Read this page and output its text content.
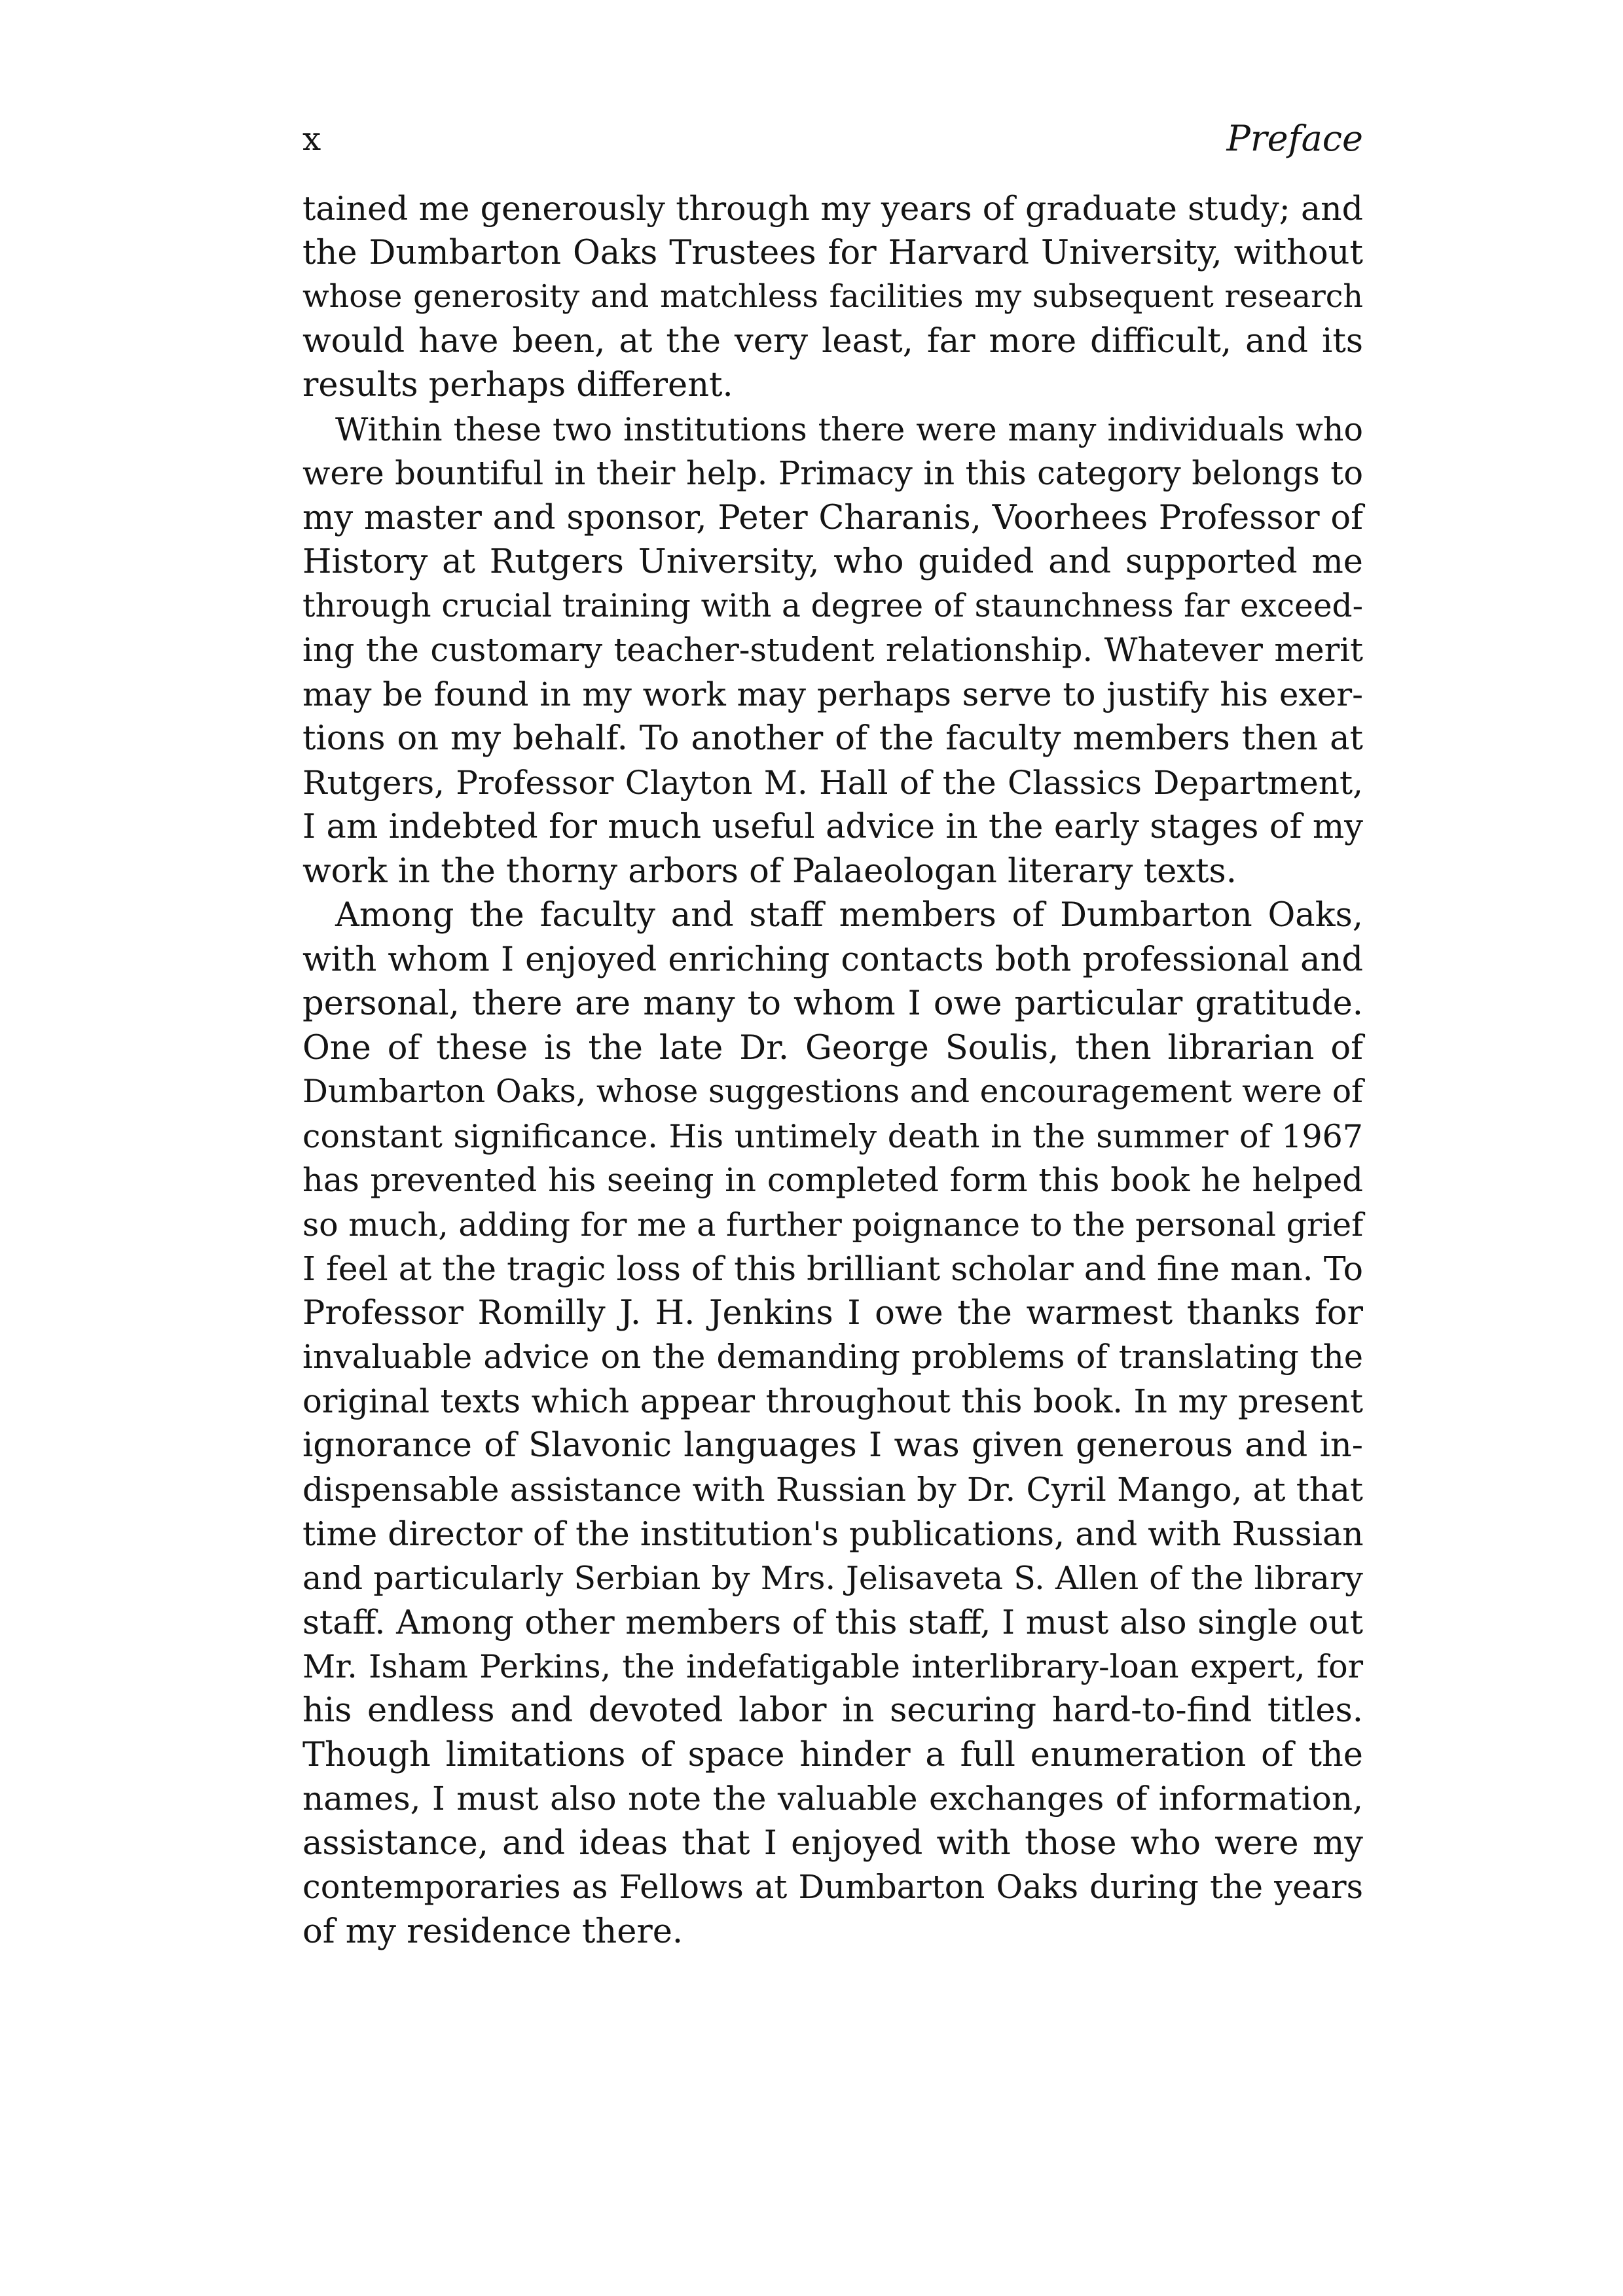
x	Preface
tained me generously through my years of graduate study; and
the Dumbarton Oaks Trustees for Harvard University, without
whose generosity and matchless facilities my subsequent research
would have been, at the very least, far more difficult, and its
results perhaps different.
Within these two institutions there were many individuals who
were bountiful in their help. Primacy in this category belongs to
my master and sponsor, Peter Charanis, Voorhees Professor of
History at Rutgers University, who guided and supported me
through crucial training with a degree of staunchness far exceed-
ing the customary teacher-student relationship. Whatever merit
may be found in my work may perhaps serve to justify his exer-
tions on my behalf. To another of the faculty members then at
Rutgers, Professor Clayton M. Hall of the Classics Department,
I am indebted for much useful advice in the early stages of my
work in the thorny arbors of Palaeologan literary texts.
Among the faculty and staff members of Dumbarton Oaks,
with whom I enjoyed enriching contacts both professional and
personal, there are many to whom I owe particular gratitude.
One of these is the late Dr. George Soulis, then librarian of
Dumbarton Oaks, whose suggestions and encouragement were of
constant significance. His untimely death in the summer of 1967
has prevented his seeing in completed form this book he helped
so much, adding for me a further poignance to the personal grief
I feel at the tragic loss of this brilliant scholar and fine man. To
Professor Romilly J. H. Jenkins I owe the warmest thanks for
invaluable advice on the demanding problems of translating the
original texts which appear throughout this book. In my present
ignorance of Slavonic languages I was given generous and in-
dispensable assistance with Russian by Dr. Cyril Mango, at that
time director of the institution's publications, and with Russian
and particularly Serbian by Mrs. Jelisaveta S. Allen of the library
staff. Among other members of this staff, I must also single out
Mr. Isham Perkins, the indefatigable interlibrary-loan expert, for
his endless and devoted labor in securing hard-to-find titles.
Though limitations of space hinder a full enumeration of the
names, I must also note the valuable exchanges of information,
assistance, and ideas that I enjoyed with those who were my
contemporaries as Fellows at Dumbarton Oaks during the years
of my residence there.
